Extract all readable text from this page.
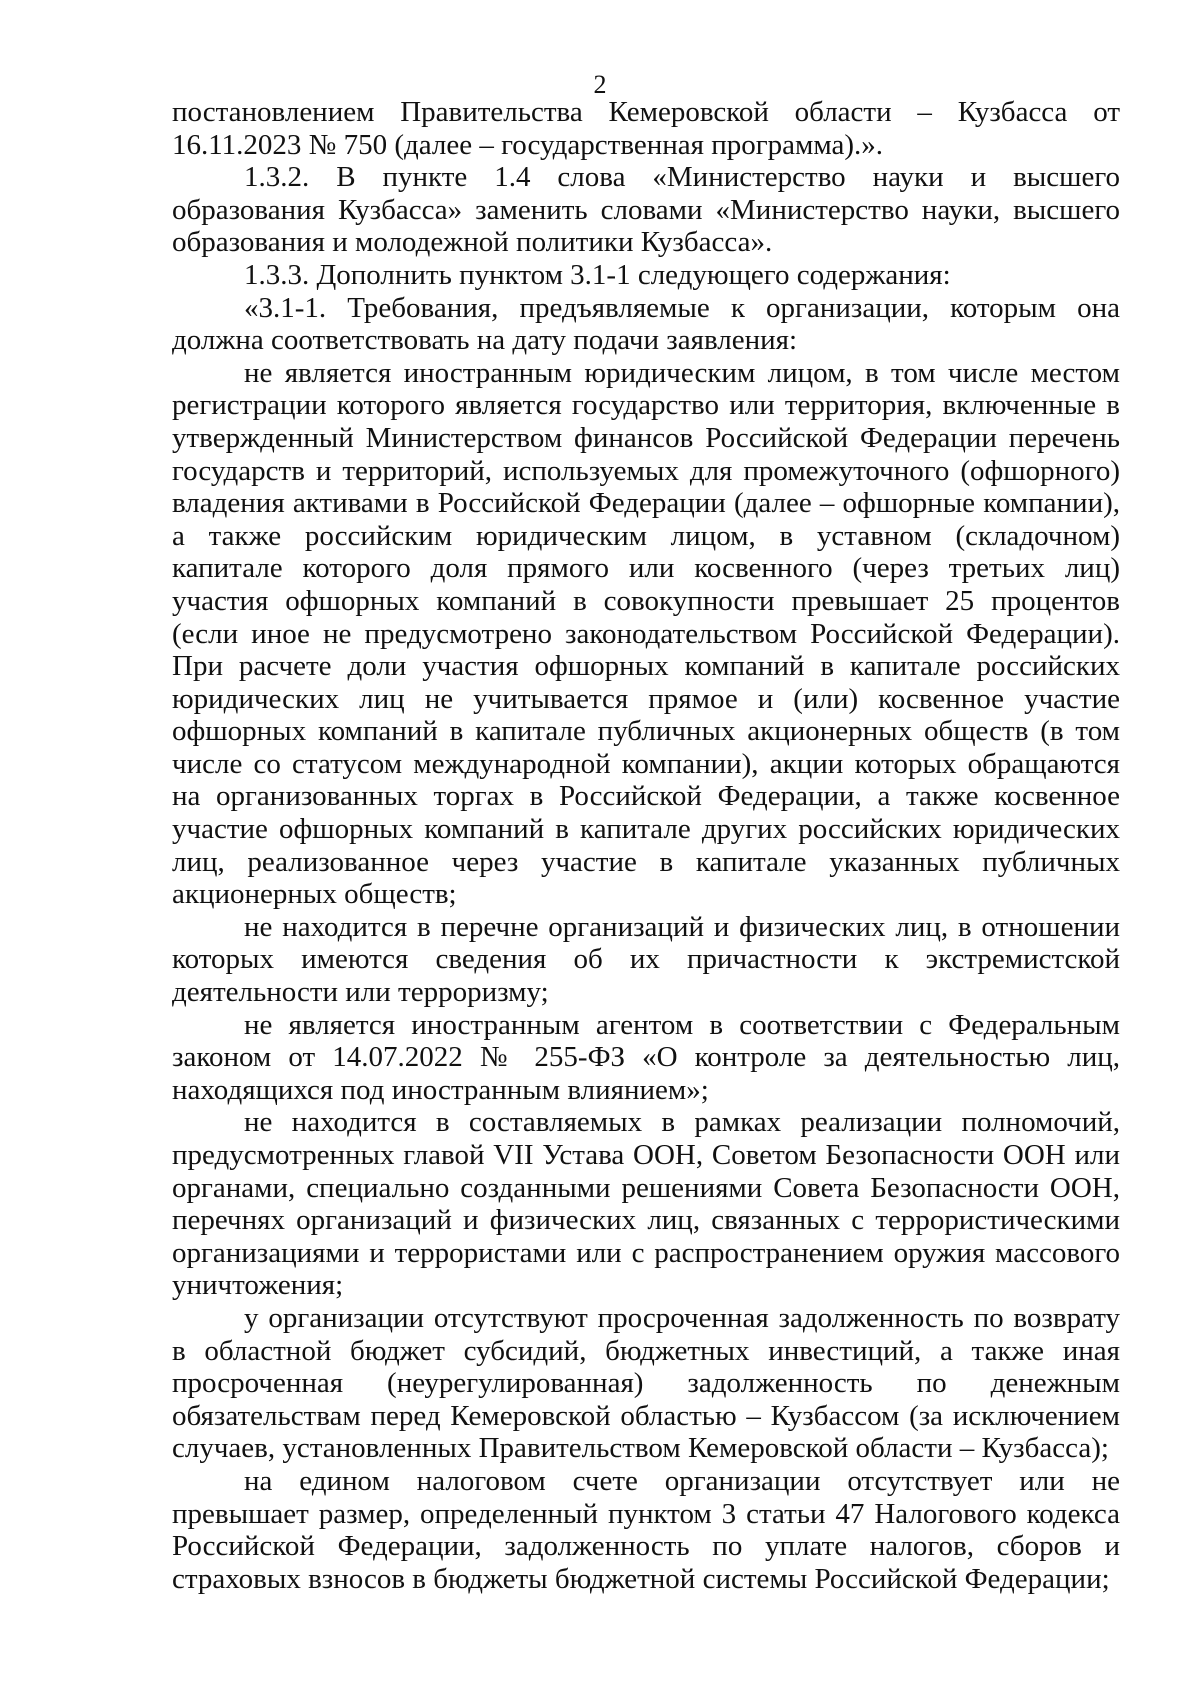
2

постановлением Правительства Кемеровской области – Кузбасса от 16.11.2023 № 750 (далее – государственная программа).».

1.3.2. В пункте 1.4 слова «Министерство науки и высшего образования Кузбасса» заменить словами «Министерство науки, высшего образования и молодежной политики Кузбасса».

1.3.3. Дополнить пунктом 3.1-1 следующего содержания:

«3.1-1. Требования, предъявляемые к организации, которым она должна соответствовать на дату подачи заявления:

не является иностранным юридическим лицом, в том числе местом регистрации которого является государство или территория, включенные в утвержденный Министерством финансов Российской Федерации перечень государств и территорий, используемых для промежуточного (офшорного) владения активами в Российской Федерации (далее – офшорные компании), а также российским юридическим лицом, в уставном (складочном) капитале которого доля прямого или косвенного (через третьих лиц) участия офшорных компаний в совокупности превышает 25 процентов (если иное не предусмотрено законодательством Российской Федерации). При расчете доли участия офшорных компаний в капитале российских юридических лиц не учитывается прямое и (или) косвенное участие офшорных компаний в капитале публичных акционерных обществ (в том числе со статусом международной компании), акции которых обращаются на организованных торгах в Российской Федерации, а также косвенное участие офшорных компаний в капитале других российских юридических лиц, реализованное через участие в капитале указанных публичных акционерных обществ;

не находится в перечне организаций и физических лиц, в отношении которых имеются сведения об их причастности к экстремистской деятельности или терроризму;

не является иностранным агентом в соответствии с Федеральным законом от 14.07.2022 № 255-ФЗ «О контроле за деятельностью лиц, находящихся под иностранным влиянием»;

не находится в составляемых в рамках реализации полномочий, предусмотренных главой VII Устава ООН, Советом Безопасности ООН или органами, специально созданными решениями Совета Безопасности ООН, перечнях организаций и физических лиц, связанных с террористическими организациями и террористами или с распространением оружия массового уничтожения;

у организации отсутствуют просроченная задолженность по возврату в областной бюджет субсидий, бюджетных инвестиций, а также иная просроченная (неурегулированная) задолженность по денежным обязательствам перед Кемеровской областью – Кузбассом (за исключением случаев, установленных Правительством Кемеровской области – Кузбасса);

на едином налоговом счете организации отсутствует или не превышает размер, определенный пунктом 3 статьи 47 Налогового кодекса Российской Федерации, задолженность по уплате налогов, сборов и страховых взносов в бюджеты бюджетной системы Российской Федерации;
